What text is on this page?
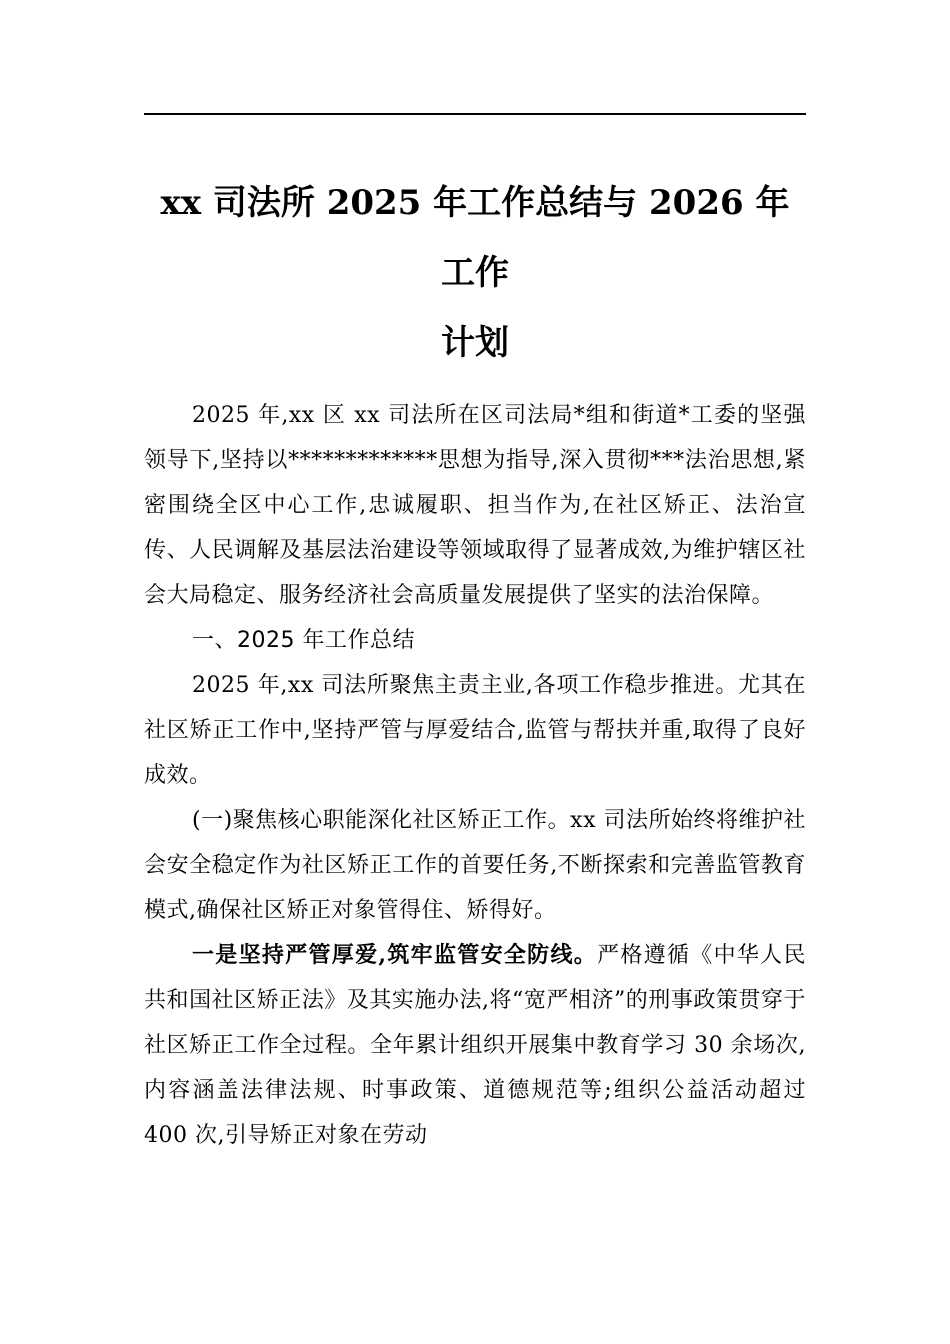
xx 司法所 2025 年工作总结与 2026 年工作
计划

2025 年,xx 区 xx 司法所在区司法局*组和街道*工委的坚强领导下,坚持以*************思想为指导,深入贯彻***法治思想,紧密围绕全区中心工作,忠诚履职、担当作为,在社区矫正、法治宣传、人民调解及基层法治建设等领域取得了显著成效,为维护辖区社会大局稳定、服务经济社会高质量发展提供了坚实的法治保障。

一、2025 年工作总结

2025 年,xx 司法所聚焦主责主业,各项工作稳步推进。尤其在社区矫正工作中,坚持严管与厚爱结合,监管与帮扶并重,取得了良好成效。

(一)聚焦核心职能深化社区矫正工作。xx 司法所始终将维护社会安全稳定作为社区矫正工作的首要任务,不断探索和完善监管教育模式,确保社区矫正对象管得住、矫得好。

一是坚持严管厚爱,筑牢监管安全防线。严格遵循《中华人民共和国社区矫正法》及其实施办法,将“宽严相济”的刑事政策贯穿于社区矫正工作全过程。全年累计组织开展集中教育学习 30 余场次,内容涵盖法律法规、时事政策、道德规范等;组织公益活动超过 400 次,引导矫正对象在劳动
